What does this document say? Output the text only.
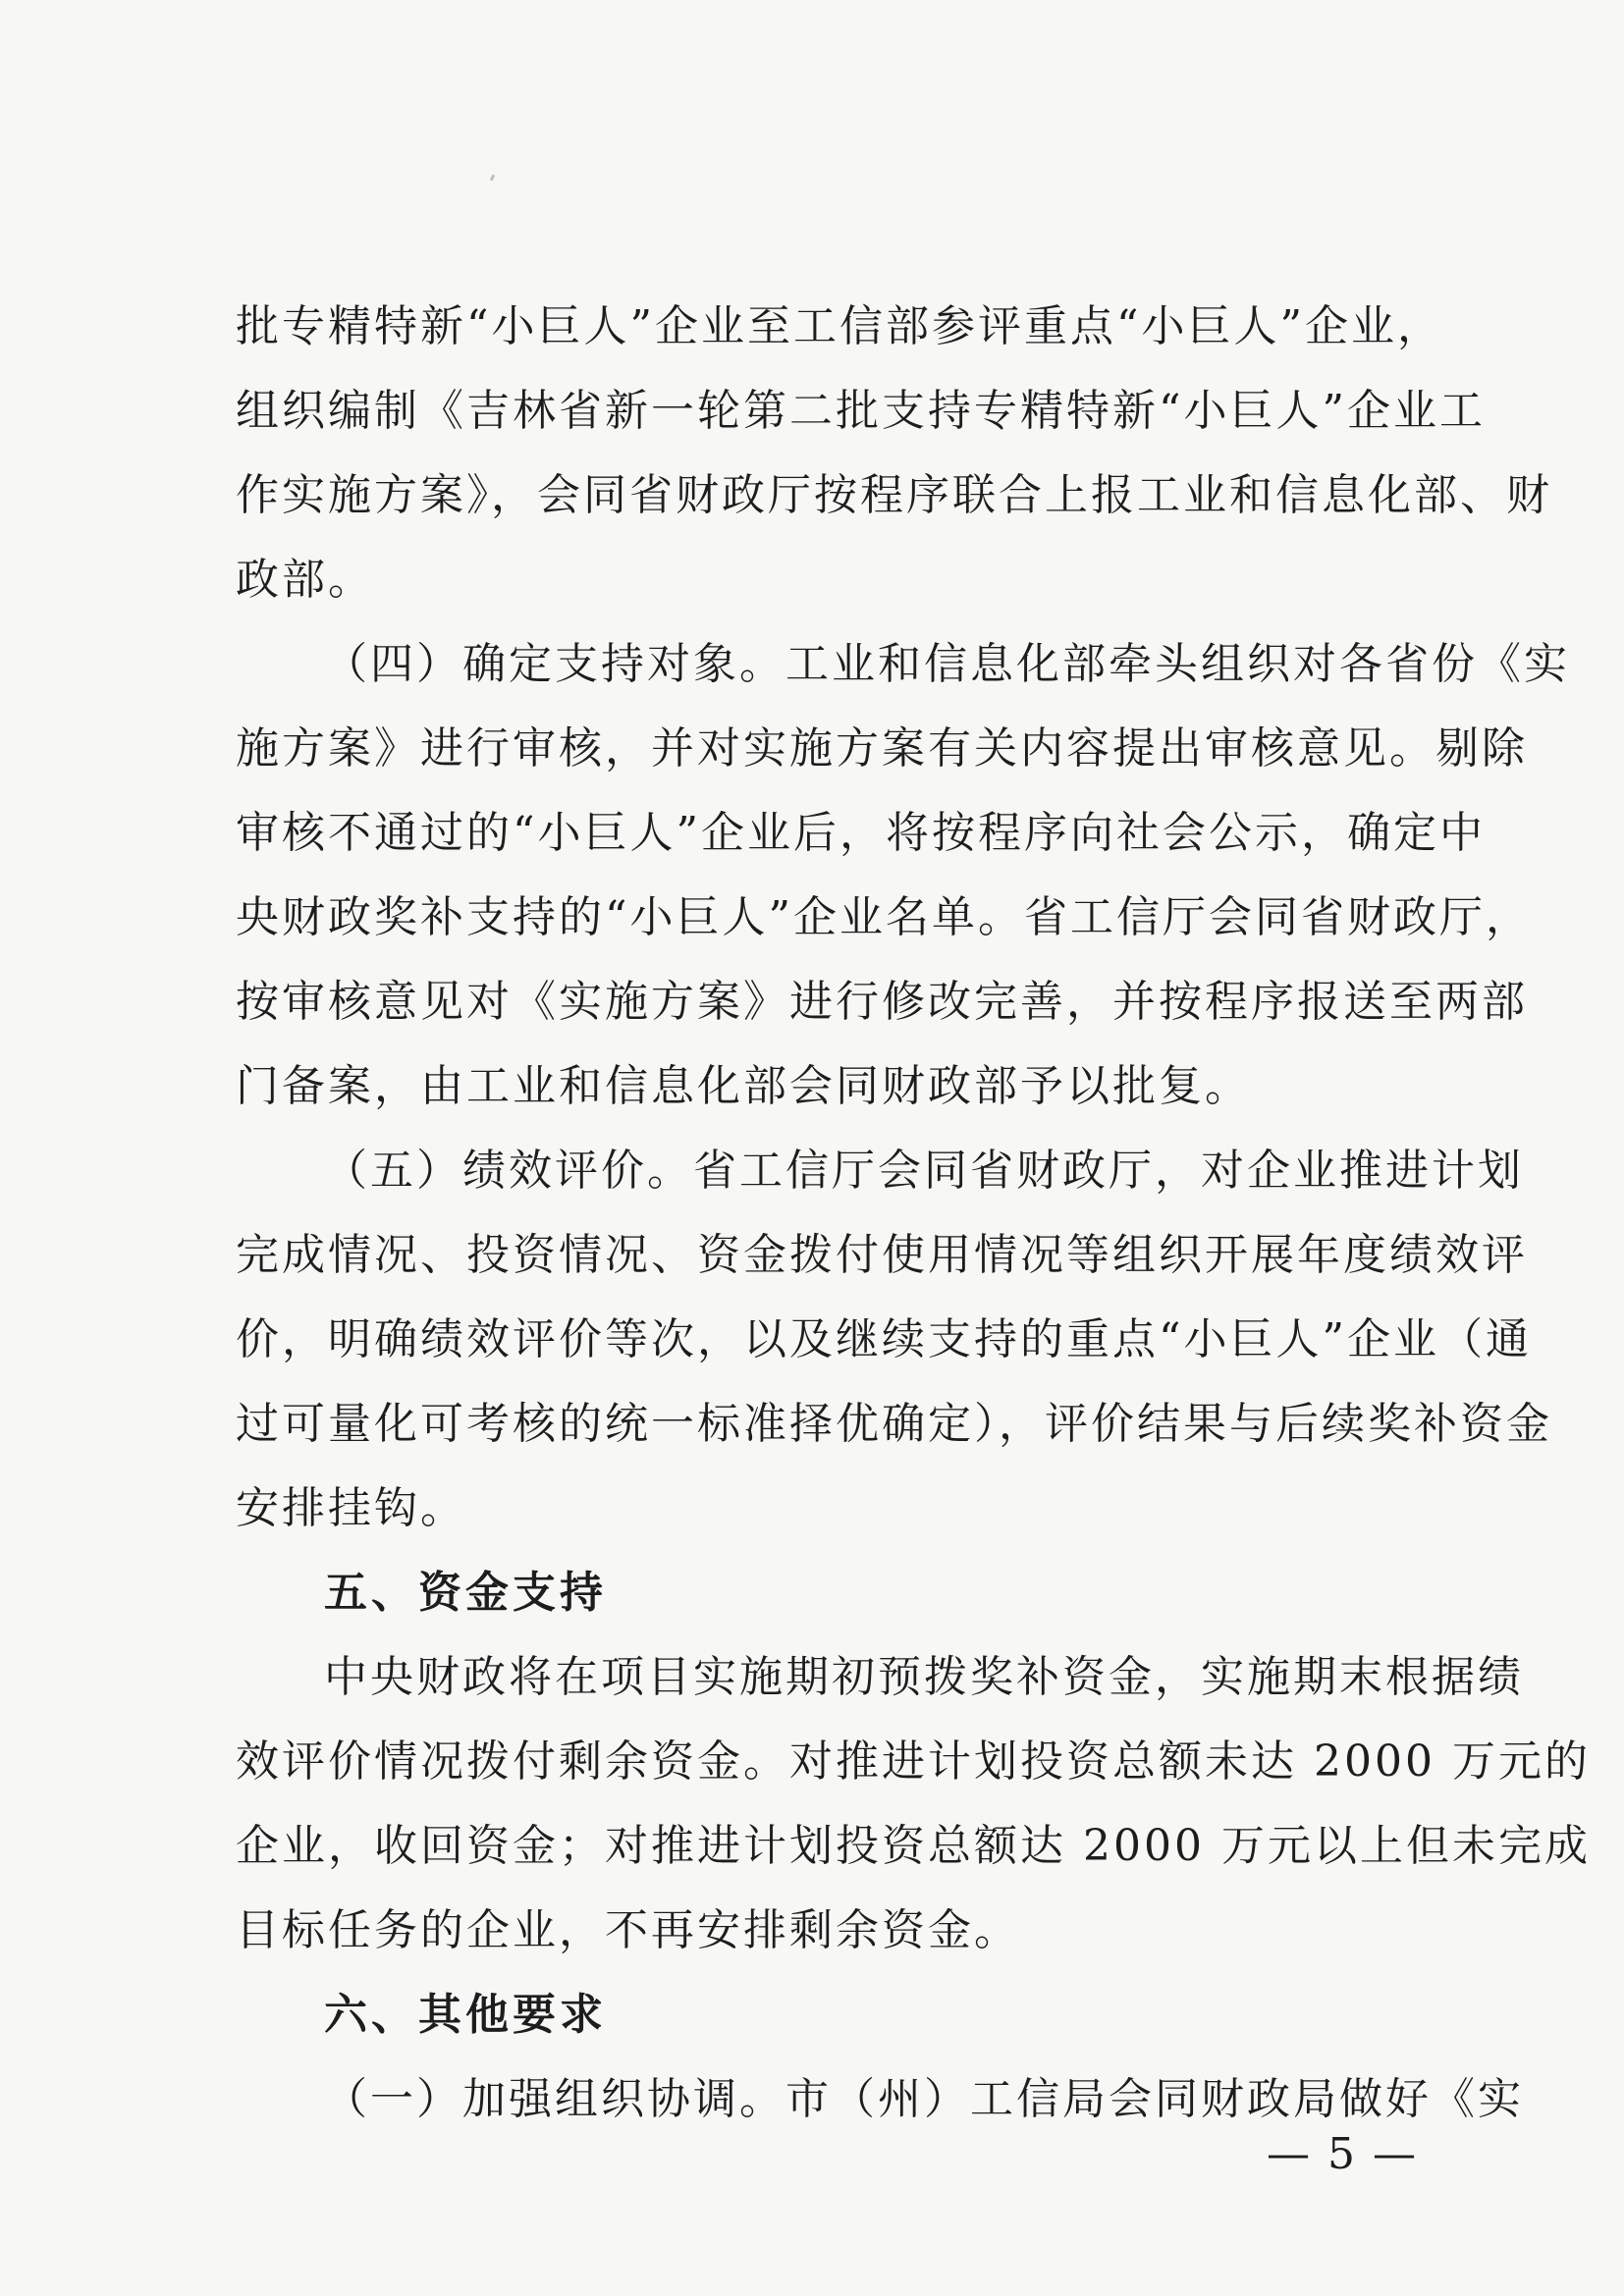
批专精特新“小巨人”企业至工信部参评重点“小巨人”企业，
组织编制《吉林省新一轮第二批支持专精特新“小巨人”企业工
作实施方案》，会同省财政厅按程序联合上报工业和信息化部、财
政部。
（四）确定支持对象。工业和信息化部牵头组织对各省份《实
施方案》进行审核，并对实施方案有关内容提出审核意见。剔除
审核不通过的“小巨人”企业后，将按程序向社会公示，确定中
央财政奖补支持的“小巨人”企业名单。省工信厅会同省财政厅，
按审核意见对《实施方案》进行修改完善，并按程序报送至两部
门备案，由工业和信息化部会同财政部予以批复。
（五）绩效评价。省工信厅会同省财政厅，对企业推进计划
完成情况、投资情况、资金拨付使用情况等组织开展年度绩效评
价，明确绩效评价等次，以及继续支持的重点“小巨人”企业（通
过可量化可考核的统一标准择优确定），评价结果与后续奖补资金
安排挂钩。
五、资金支持
中央财政将在项目实施期初预拨奖补资金，实施期末根据绩
效评价情况拨付剩余资金。对推进计划投资总额未达 2000 万元的
企业，收回资金；对推进计划投资总额达 2000 万元以上但未完成
目标任务的企业，不再安排剩余资金。
六、其他要求
（一）加强组织协调。市（州）工信局会同财政局做好《实
— 5 —
